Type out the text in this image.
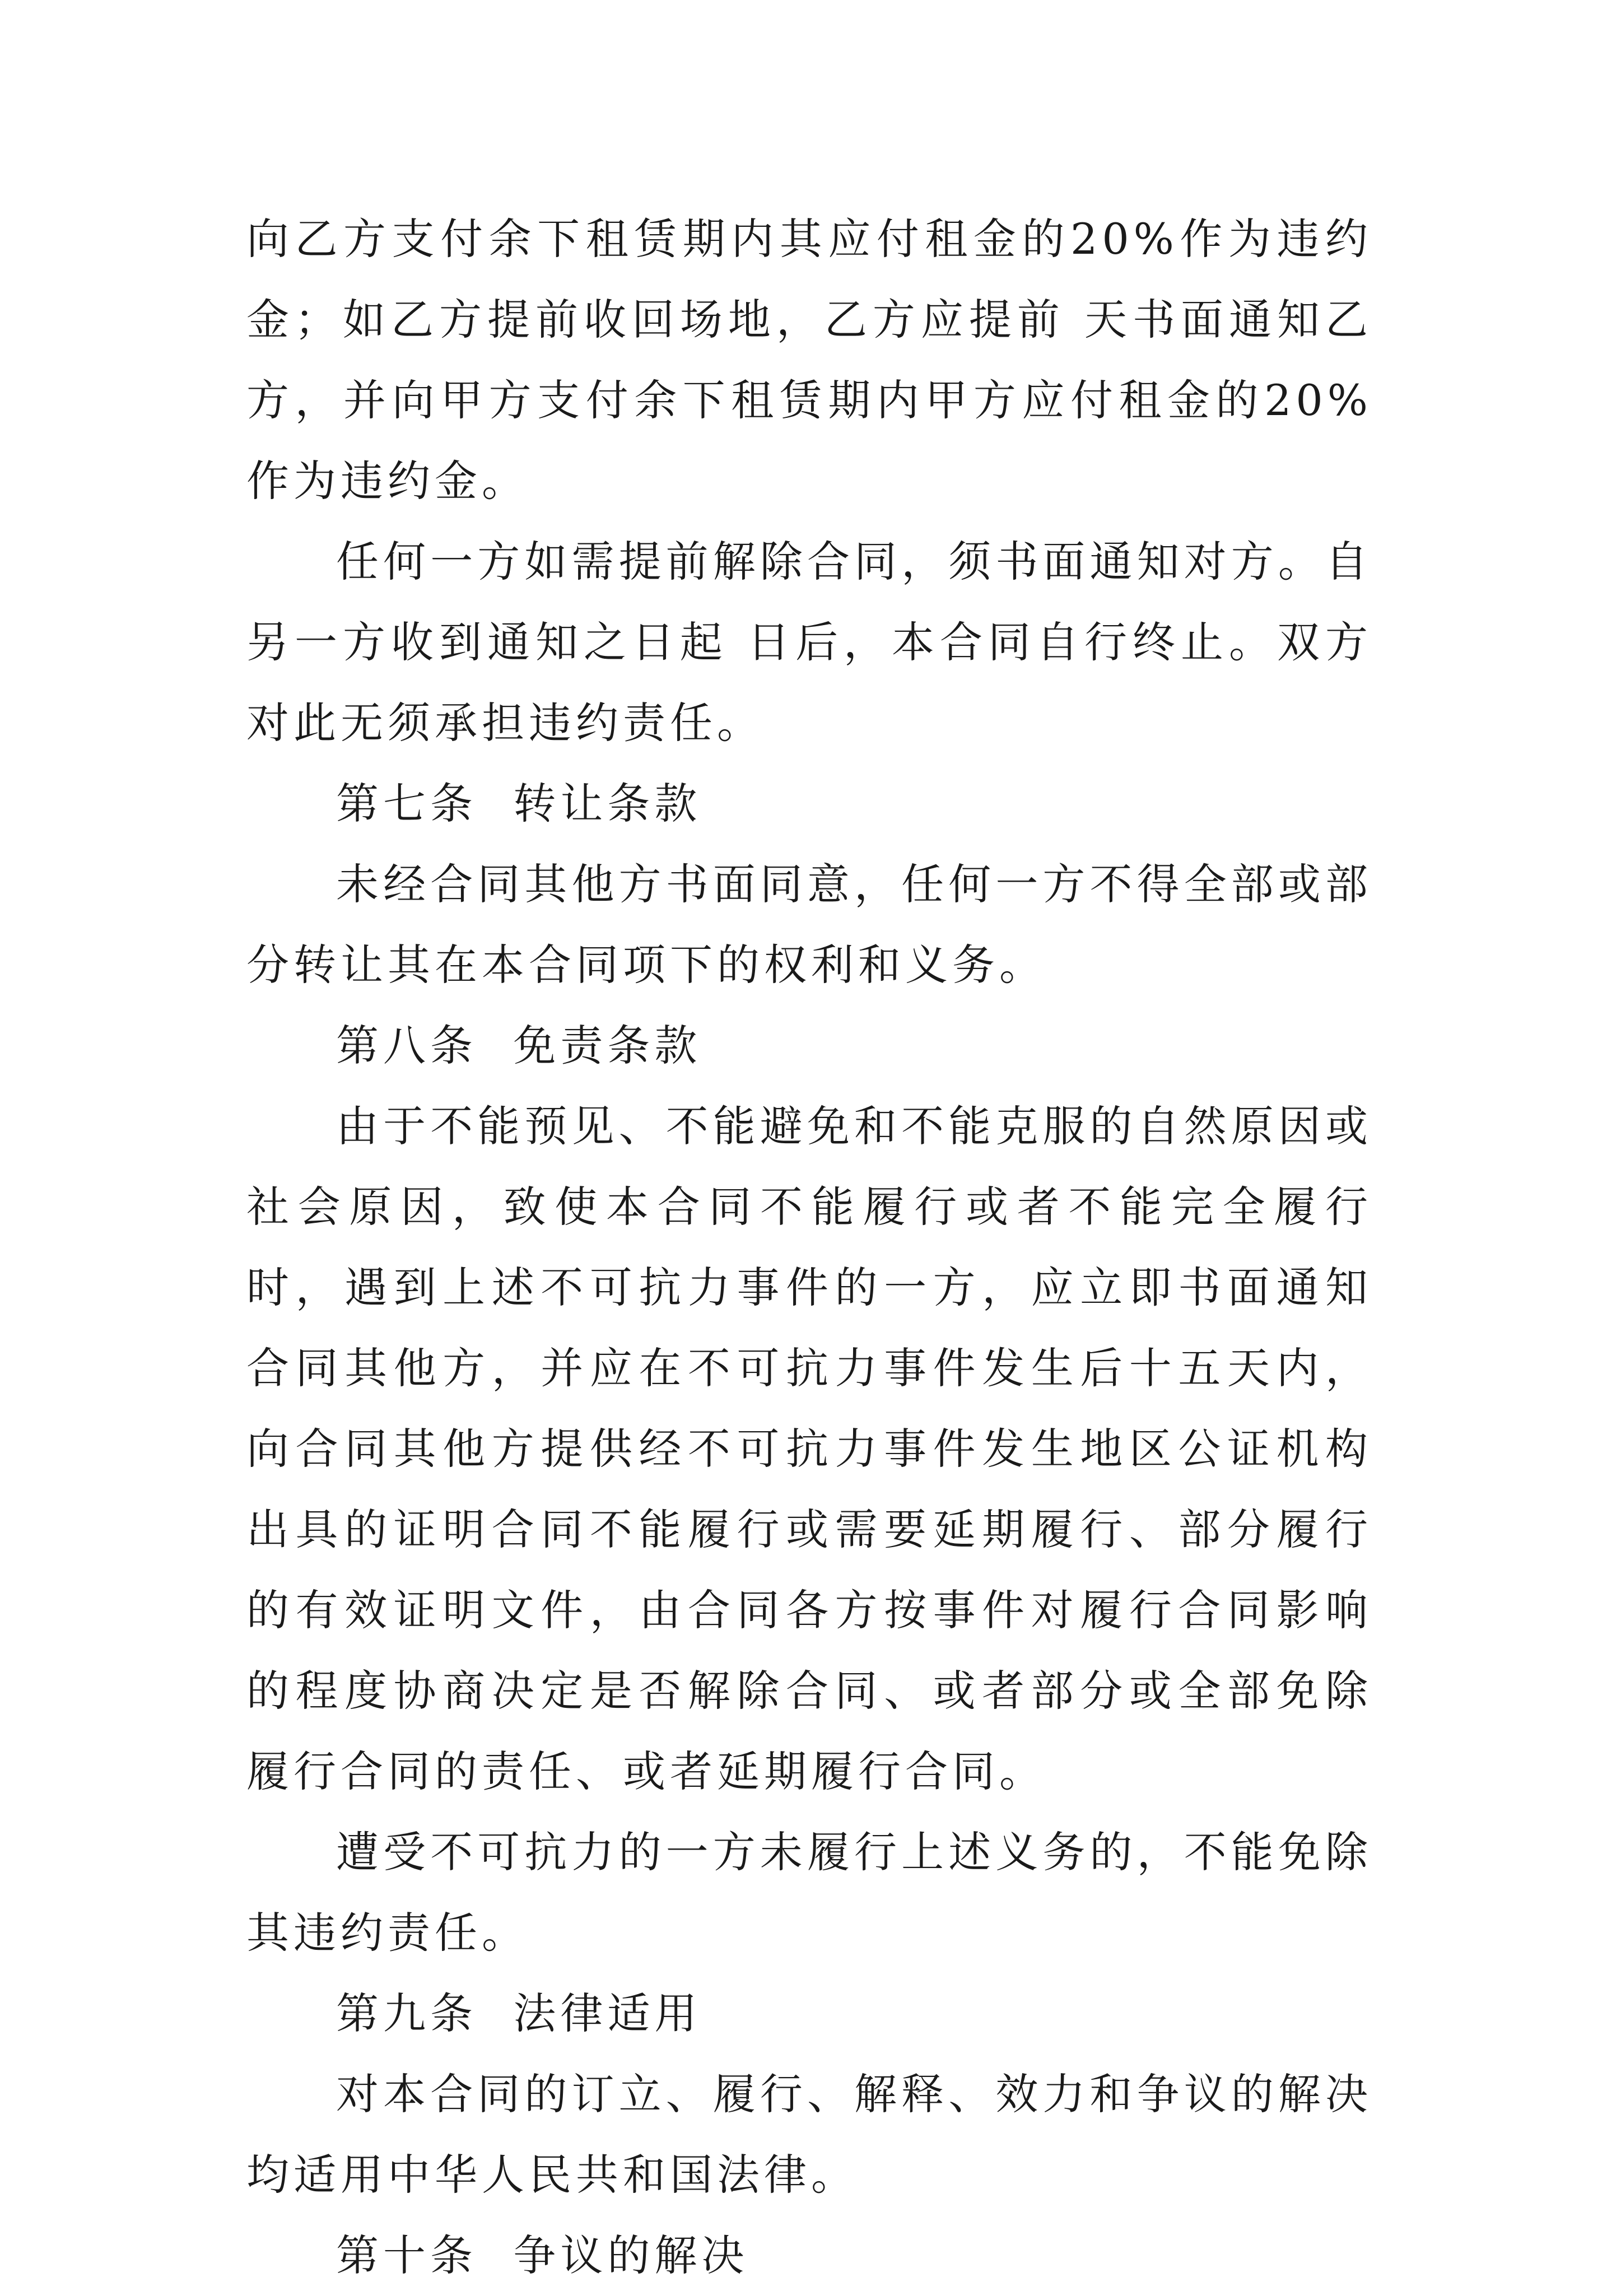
向乙方支付余下租赁期内其应付租金的20%作为违约金；如乙方提前收回场地，乙方应提前 天书面通知乙方，并向甲方支付余下租赁期内甲方应付租金的20%作为违约金。

任何一方如需提前解除合同，须书面通知对方。自另一方收到通知之日起 日后，本合同自行终止。双方对此无须承担违约责任。

第七条  转让条款

未经合同其他方书面同意，任何一方不得全部或部分转让其在本合同项下的权利和义务。

第八条  免责条款

由于不能预见、不能避免和不能克服的自然原因或社会原因，致使本合同不能履行或者不能完全履行时，遇到上述不可抗力事件的一方，应立即书面通知合同其他方，并应在不可抗力事件发生后十五天内，向合同其他方提供经不可抗力事件发生地区公证机构出具的证明合同不能履行或需要延期履行、部分履行的有效证明文件，由合同各方按事件对履行合同影响的程度协商决定是否解除合同、或者部分或全部免除履行合同的责任、或者延期履行合同。

遭受不可抗力的一方未履行上述义务的，不能免除其违约责任。

第九条  法律适用

对本合同的订立、履行、解释、效力和争议的解决均适用中华人民共和国法律。

第十条  争议的解决
